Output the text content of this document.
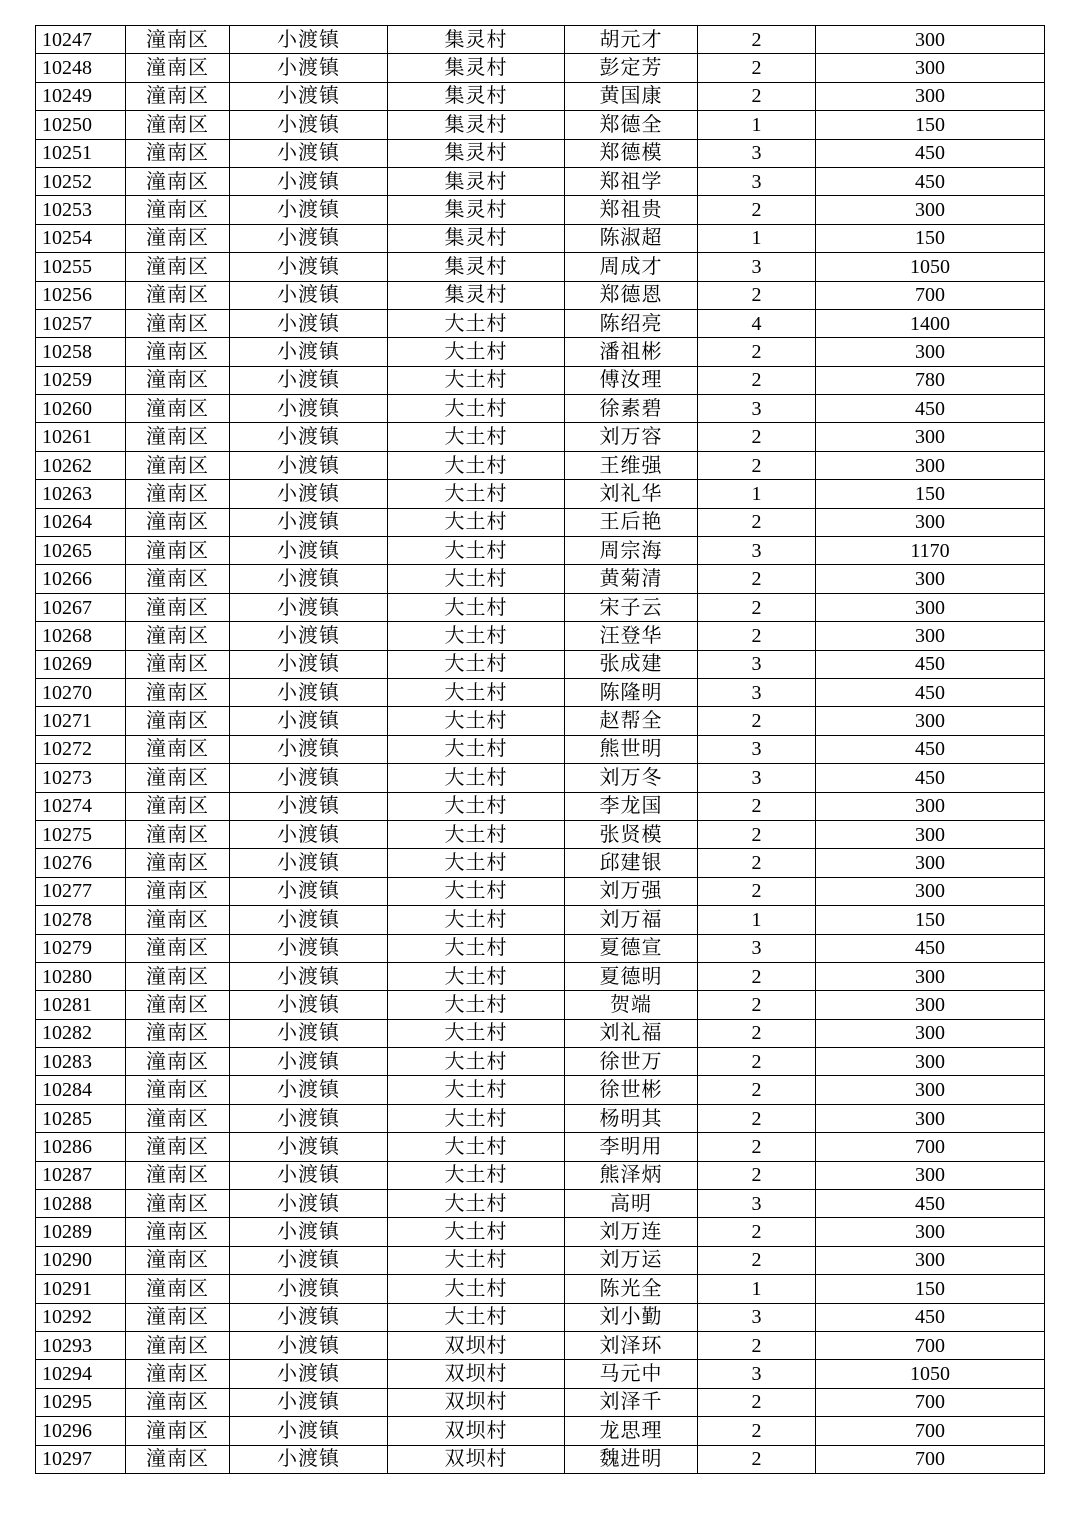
10247	潼南区	小渡镇	集灵村	胡元才	2	300
10248	潼南区	小渡镇	集灵村	彭定芳	2	300
10249	潼南区	小渡镇	集灵村	黄国康	2	300
10250	潼南区	小渡镇	集灵村	郑德全	1	150
10251	潼南区	小渡镇	集灵村	郑德模	3	450
10252	潼南区	小渡镇	集灵村	郑祖学	3	450
10253	潼南区	小渡镇	集灵村	郑祖贵	2	300
10254	潼南区	小渡镇	集灵村	陈淑超	1	150
10255	潼南区	小渡镇	集灵村	周成才	3	1050
10256	潼南区	小渡镇	集灵村	郑德恩	2	700
10257	潼南区	小渡镇	大土村	陈绍亮	4	1400
10258	潼南区	小渡镇	大土村	潘祖彬	2	300
10259	潼南区	小渡镇	大土村	傅汝理	2	780
10260	潼南区	小渡镇	大土村	徐素碧	3	450
10261	潼南区	小渡镇	大土村	刘万容	2	300
10262	潼南区	小渡镇	大土村	王维强	2	300
10263	潼南区	小渡镇	大土村	刘礼华	1	150
10264	潼南区	小渡镇	大土村	王后艳	2	300
10265	潼南区	小渡镇	大土村	周宗海	3	1170
10266	潼南区	小渡镇	大土村	黄菊清	2	300
10267	潼南区	小渡镇	大土村	宋子云	2	300
10268	潼南区	小渡镇	大土村	汪登华	2	300
10269	潼南区	小渡镇	大土村	张成建	3	450
10270	潼南区	小渡镇	大土村	陈隆明	3	450
10271	潼南区	小渡镇	大土村	赵帮全	2	300
10272	潼南区	小渡镇	大土村	熊世明	3	450
10273	潼南区	小渡镇	大土村	刘万冬	3	450
10274	潼南区	小渡镇	大土村	李龙国	2	300
10275	潼南区	小渡镇	大土村	张贤模	2	300
10276	潼南区	小渡镇	大土村	邱建银	2	300
10277	潼南区	小渡镇	大土村	刘万强	2	300
10278	潼南区	小渡镇	大土村	刘万福	1	150
10279	潼南区	小渡镇	大土村	夏德宣	3	450
10280	潼南区	小渡镇	大土村	夏德明	2	300
10281	潼南区	小渡镇	大土村	贺端	2	300
10282	潼南区	小渡镇	大土村	刘礼福	2	300
10283	潼南区	小渡镇	大土村	徐世万	2	300
10284	潼南区	小渡镇	大土村	徐世彬	2	300
10285	潼南区	小渡镇	大土村	杨明其	2	300
10286	潼南区	小渡镇	大土村	李明用	2	700
10287	潼南区	小渡镇	大土村	熊泽炳	2	300
10288	潼南区	小渡镇	大土村	高明	3	450
10289	潼南区	小渡镇	大土村	刘万连	2	300
10290	潼南区	小渡镇	大土村	刘万运	2	300
10291	潼南区	小渡镇	大土村	陈光全	1	150
10292	潼南区	小渡镇	大土村	刘小勤	3	450
10293	潼南区	小渡镇	双坝村	刘泽环	2	700
10294	潼南区	小渡镇	双坝村	马元中	3	1050
10295	潼南区	小渡镇	双坝村	刘泽千	2	700
10296	潼南区	小渡镇	双坝村	龙思理	2	700
10297	潼南区	小渡镇	双坝村	魏进明	2	700
